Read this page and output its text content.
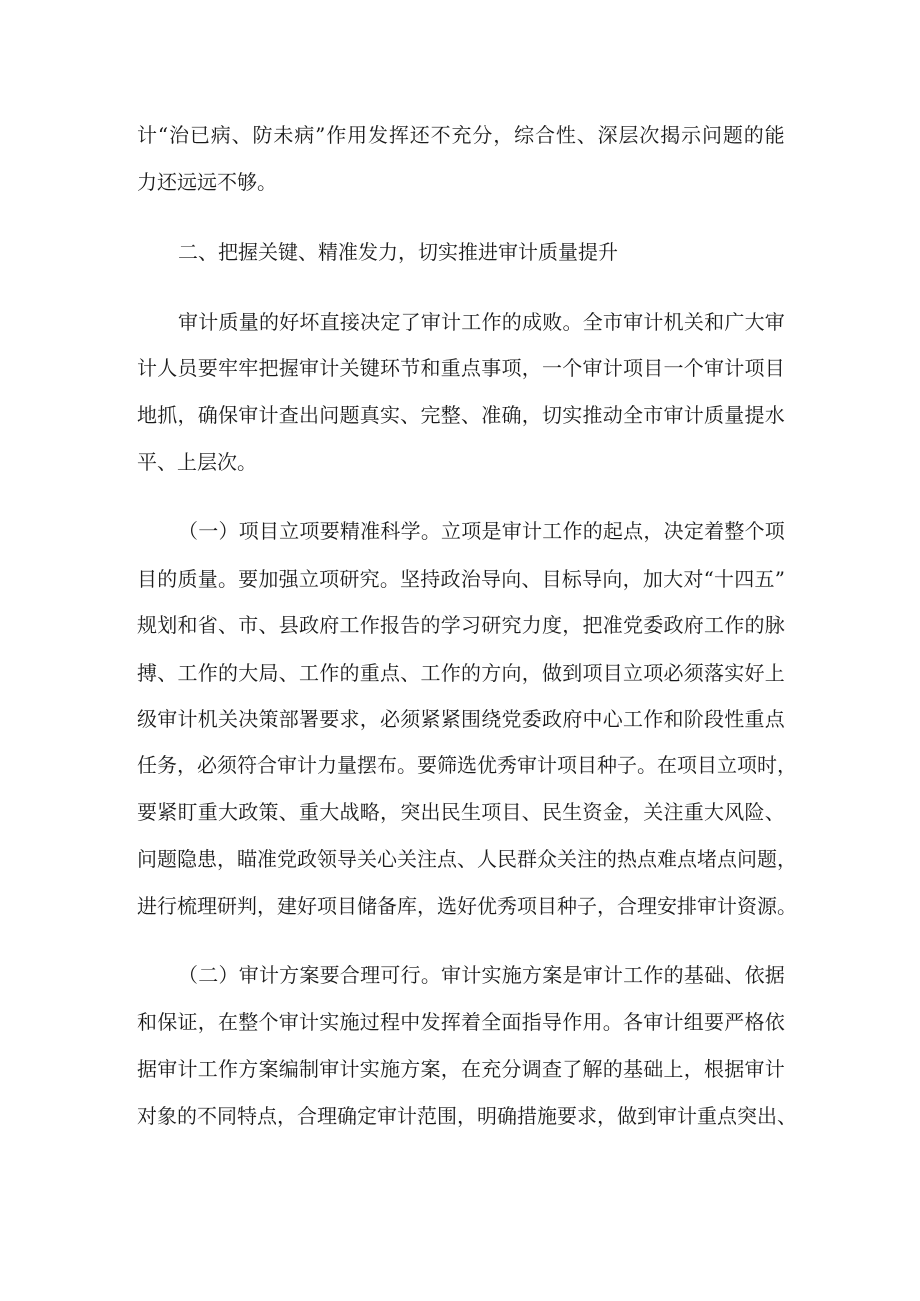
计 “ 治 已 病 、 防 未 病 ” 作 用 发 挥 还 不 充 分 ， 综 合 性 、 深 层 次 揭 示 问 题 的 能
力还远远不够。
二、把握关键、精准发力，切实推进审计质量提升
审 计 质 量 的 好 坏 直 接 决 定 了 审 计 工 作 的 成 败 。 全 市 审 计 机 关 和 广 大 审
计 人 员 要 牢 牢 把 握 审 计 关 键 环 节 和 重 点 事 项 ， 一 个 审 计 项 目 一 个 审 计 项 目
地 抓 ， 确 保 审 计 查 出 问 题 真 实 、 完 整 、 准 确 ， 切 实 推 动 全 市 审 计 质 量 提 水
平、上层次。
（ 一 ） 项 目 立 项 要 精 准 科 学 。 立 项 是 审 计 工 作 的 起 点 ， 决 定 着 整 个 项
目 的 质 量 。 要 加 强 立 项 研 究 。 坚 持 政 治 导 向 、 目 标 导 向 ， 加 大 对 “ 十 四 五 ”
规 划 和 省 、 市 、 县 政 府 工 作 报 告 的 学 习 研 究 力 度 ， 把 准 党 委 政 府 工 作 的 脉
搏 、 工 作 的 大 局 、 工 作 的 重 点 、 工 作 的 方 向 ， 做 到 项 目 立 项 必 须 落 实 好 上
级 审 计 机 关 决 策 部 署 要 求 ， 必 须 紧 紧 围 绕 党 委 政 府 中 心 工 作 和 阶 段 性 重 点
任 务 ， 必 须 符 合 审 计 力 量 摆 布 。 要 筛 选 优 秀 审 计 项 目 种 子 。 在 项 目 立 项 时 ，
要 紧 盯 重 大 政 策 、 重 大 战 略 ， 突 出 民 生 项 目 、 民 生 资 金 ， 关 注 重 大 风 险 、
问 题 隐 患 ， 瞄 准 党 政 领 导 关 心 关 注 点 、 人 民 群 众 关 注 的 热 点 难 点 堵 点 问 题 ，
进 行 梳 理 研 判 ， 建 好 项 目 储 备 库 ， 选 好 优 秀 项 目 种 子 ， 合 理 安 排 审 计 资 源 。
（ 二 ） 审 计 方 案 要 合 理 可 行 。 审 计 实 施 方 案 是 审 计 工 作 的 基 础 、 依 据
和 保 证 ， 在 整 个 审 计 实 施 过 程 中 发 挥 着 全 面 指 导 作 用 。 各 审 计 组 要 严 格 依
据 审 计 工 作 方 案 编 制 审 计 实 施 方 案 ， 在 充 分 调 查 了 解 的 基 础 上 ， 根 据 审 计
对 象 的 不 同 特 点 ， 合 理 确 定 审 计 范 围 ， 明 确 措 施 要 求 ， 做 到 审 计 重 点 突 出 、
